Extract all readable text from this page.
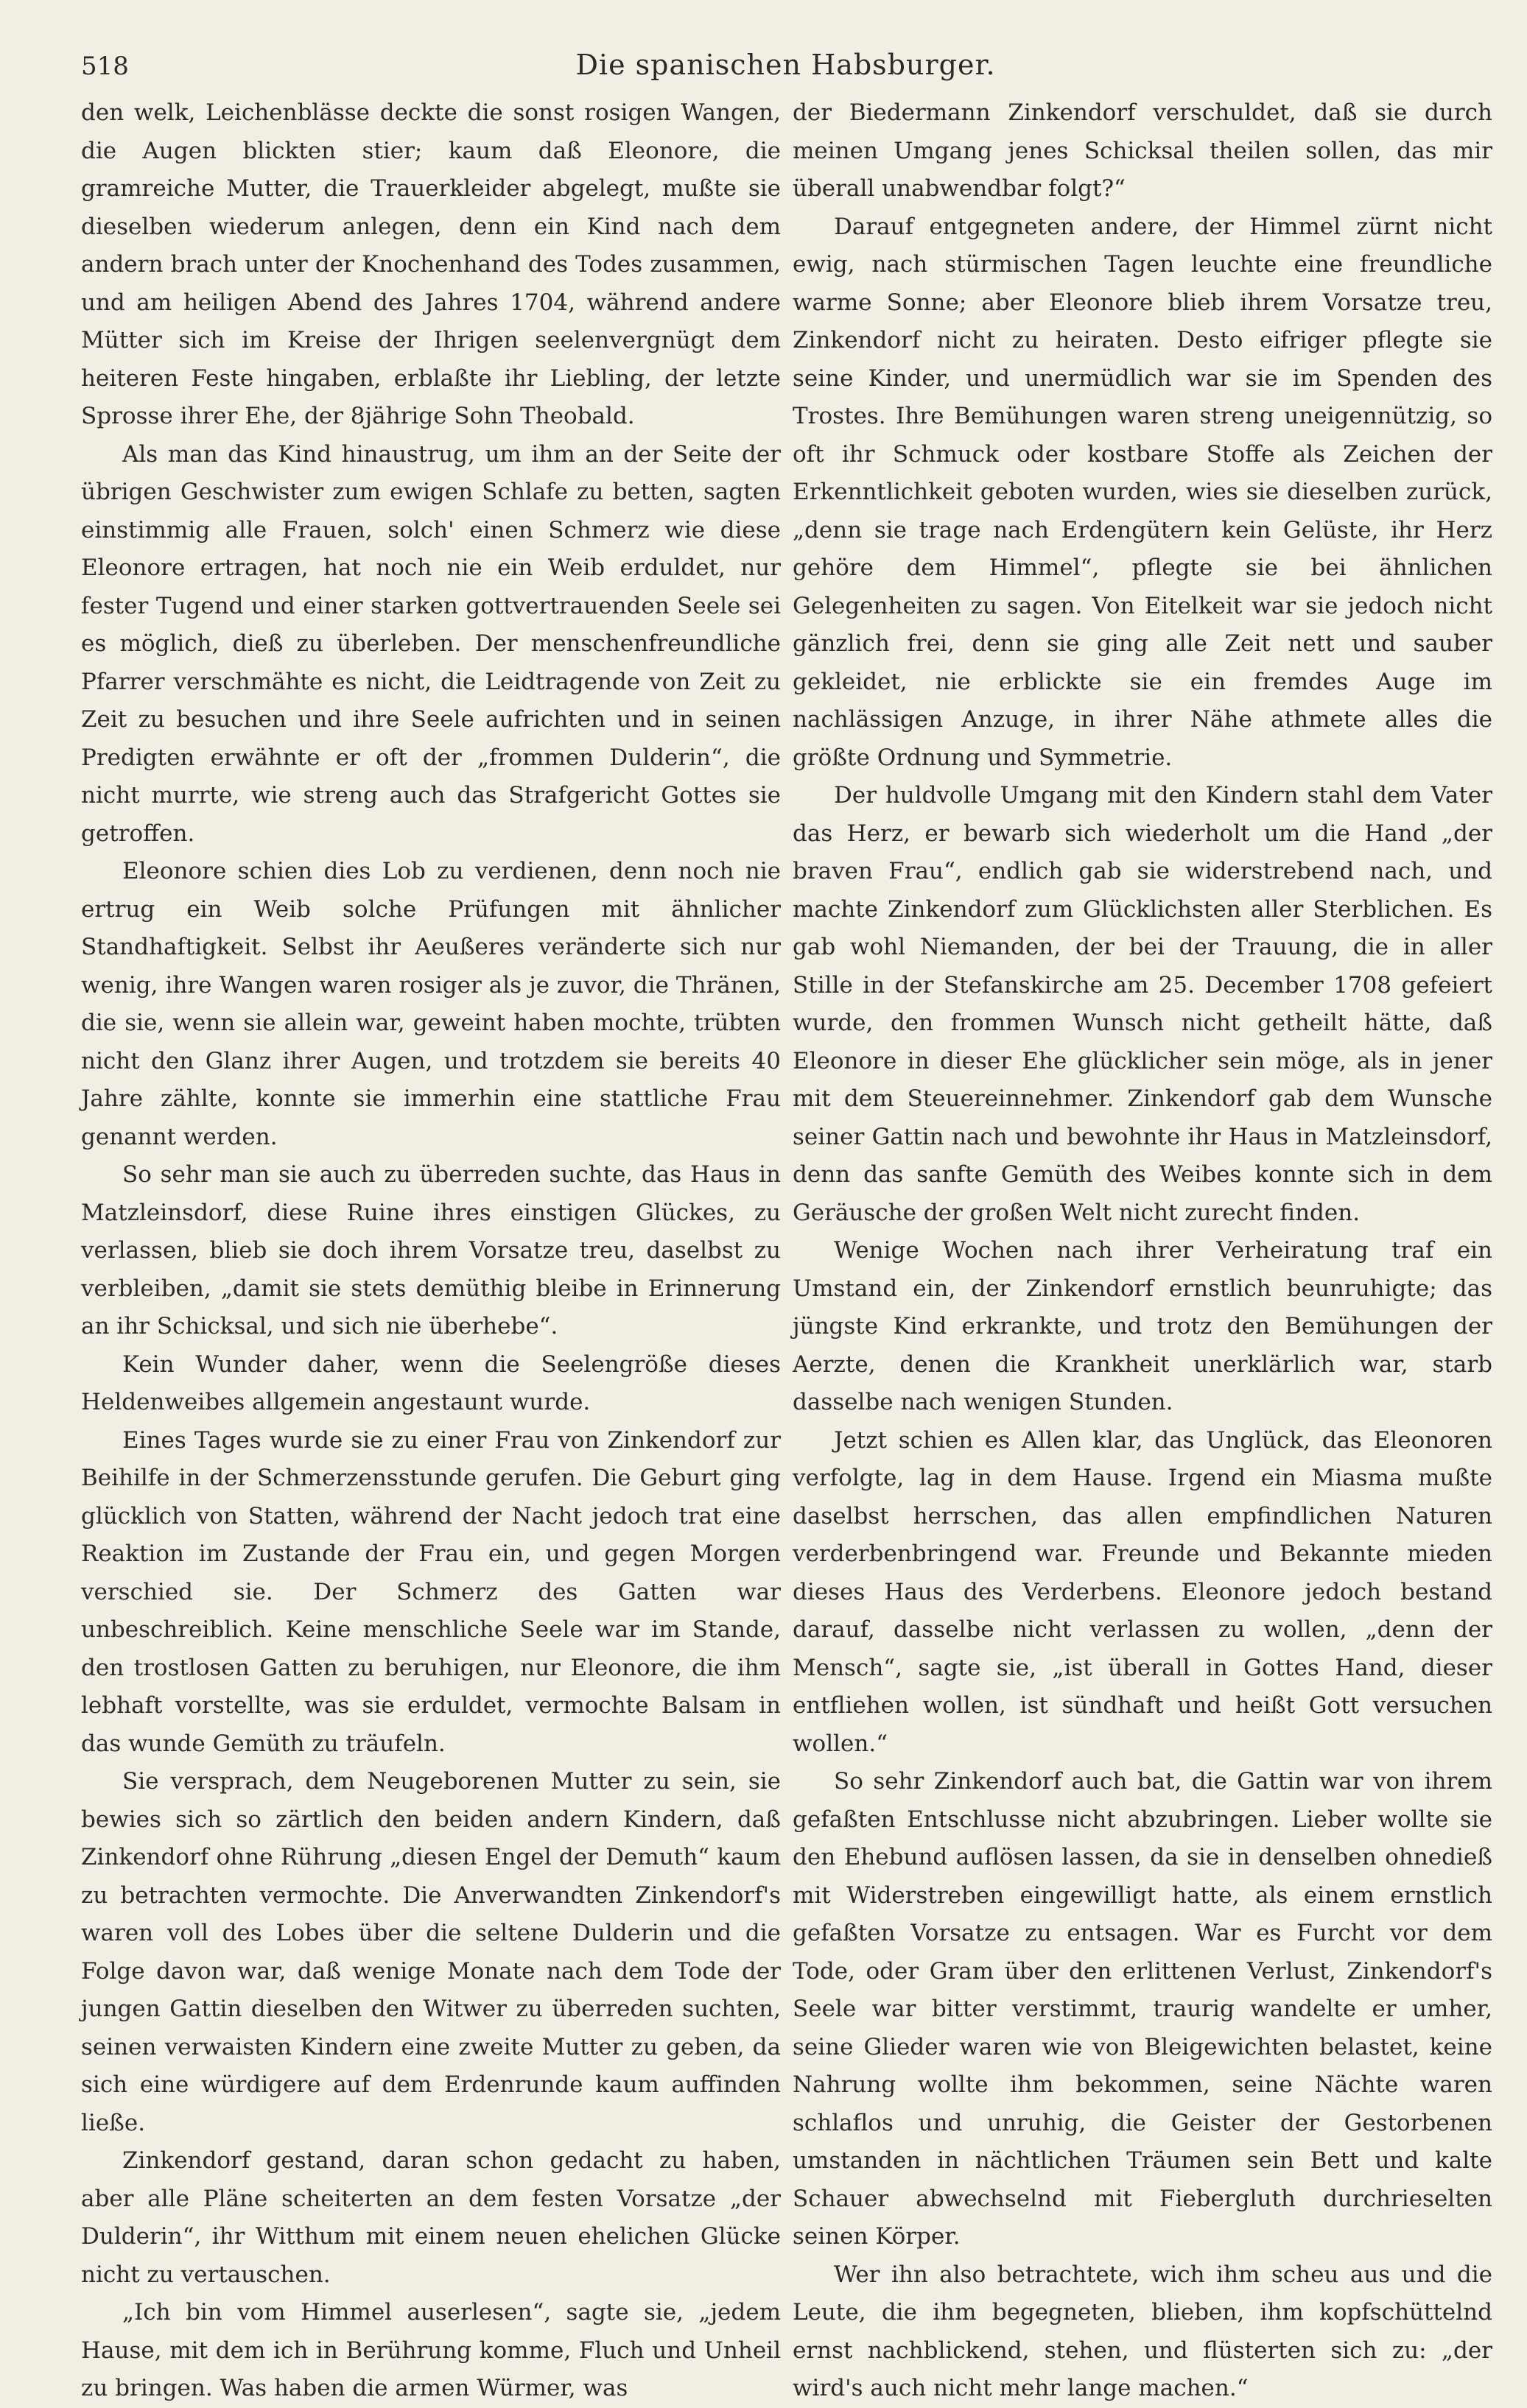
518	Die spanischen Habsburger.

den welk, Leichenblässe deckte die sonst rosigen Wangen, die Augen blickten stier; kaum daß Eleonore, die gramreiche Mutter, die Trauerkleider abgelegt, mußte sie dieselben wiederum anlegen, denn ein Kind nach dem andern brach unter der Knochenhand des Todes zusammen, und am heiligen Abend des Jahres 1704, während andere Mütter sich im Kreise der Ihrigen seelenvergnügt dem heiteren Feste hingaben, erblaßte ihr Liebling, der letzte Sprosse ihrer Ehe, der 8jährige Sohn Theobald.

Als man das Kind hinaustrug, um ihm an der Seite der übrigen Geschwister zum ewigen Schlafe zu betten, sagten einstimmig alle Frauen, solch' einen Schmerz wie diese Eleonore ertragen, hat noch nie ein Weib erduldet, nur fester Tugend und einer starken gottvertrauenden Seele sei es möglich, dieß zu überleben. Der menschenfreundliche Pfarrer verschmähte es nicht, die Leidtragende von Zeit zu Zeit zu besuchen und ihre Seele aufrichten und in seinen Predigten erwähnte er oft der „frommen Dulderin“, die nicht murrte, wie streng auch das Strafgericht Gottes sie getroffen.

Eleonore schien dies Lob zu verdienen, denn noch nie ertrug ein Weib solche Prüfungen mit ähnlicher Standhaftigkeit. Selbst ihr Aeußeres veränderte sich nur wenig, ihre Wangen waren rosiger als je zuvor, die Thränen, die sie, wenn sie allein war, geweint haben mochte, trübten nicht den Glanz ihrer Augen, und trotzdem sie bereits 40 Jahre zählte, konnte sie immerhin eine stattliche Frau genannt werden.

So sehr man sie auch zu überreden suchte, das Haus in Matzleinsdorf, diese Ruine ihres einstigen Glückes, zu verlassen, blieb sie doch ihrem Vorsatze treu, daselbst zu verbleiben, „damit sie stets demüthig bleibe in Erinnerung an ihr Schicksal, und sich nie überhebe“.

Kein Wunder daher, wenn die Seelengröße dieses Heldenweibes allgemein angestaunt wurde.

Eines Tages wurde sie zu einer Frau von Zinkendorf zur Beihilfe in der Schmerzensstunde gerufen. Die Geburt ging glücklich von Statten, während der Nacht jedoch trat eine Reaktion im Zustande der Frau ein, und gegen Morgen verschied sie. Der Schmerz des Gatten war unbeschreiblich. Keine menschliche Seele war im Stande, den trostlosen Gatten zu beruhigen, nur Eleonore, die ihm lebhaft vorstellte, was sie erduldet, vermochte Balsam in das wunde Gemüth zu träufeln.

Sie versprach, dem Neugeborenen Mutter zu sein, sie bewies sich so zärtlich den beiden andern Kindern, daß Zinkendorf ohne Rührung „diesen Engel der Demuth“ kaum zu betrachten vermochte. Die Anverwandten Zinkendorf's waren voll des Lobes über die seltene Dulderin und die Folge davon war, daß wenige Monate nach dem Tode der jungen Gattin dieselben den Witwer zu überreden suchten, seinen verwaisten Kindern eine zweite Mutter zu geben, da sich eine würdigere auf dem Erdenrunde kaum auffinden ließe.

Zinkendorf gestand, daran schon gedacht zu haben, aber alle Pläne scheiterten an dem festen Vorsatze „der Dulderin“, ihr Witthum mit einem neuen ehelichen Glücke nicht zu vertauschen.

„Ich bin vom Himmel auserlesen“, sagte sie, „jedem Hause, mit dem ich in Berührung komme, Fluch und Unheil zu bringen. Was haben die armen Würmer, was

der Biedermann Zinkendorf verschuldet, daß sie durch meinen Umgang jenes Schicksal theilen sollen, das mir überall unabwendbar folgt?“

Darauf entgegneten andere, der Himmel zürnt nicht ewig, nach stürmischen Tagen leuchte eine freundliche warme Sonne; aber Eleonore blieb ihrem Vorsatze treu, Zinkendorf nicht zu heiraten. Desto eifriger pflegte sie seine Kinder, und unermüdlich war sie im Spenden des Trostes. Ihre Bemühungen waren streng uneigennützig, so oft ihr Schmuck oder kostbare Stoffe als Zeichen der Erkenntlichkeit geboten wurden, wies sie dieselben zurück, „denn sie trage nach Erdengütern kein Gelüste, ihr Herz gehöre dem Himmel“, pflegte sie bei ähnlichen Gelegenheiten zu sagen. Von Eitelkeit war sie jedoch nicht gänzlich frei, denn sie ging alle Zeit nett und sauber gekleidet, nie erblickte sie ein fremdes Auge im nachlässigen Anzuge, in ihrer Nähe athmete alles die größte Ordnung und Symmetrie.

Der huldvolle Umgang mit den Kindern stahl dem Vater das Herz, er bewarb sich wiederholt um die Hand „der braven Frau“, endlich gab sie widerstrebend nach, und machte Zinkendorf zum Glücklichsten aller Sterblichen. Es gab wohl Niemanden, der bei der Trauung, die in aller Stille in der Stefanskirche am 25. December 1708 gefeiert wurde, den frommen Wunsch nicht getheilt hätte, daß Eleonore in dieser Ehe glücklicher sein möge, als in jener mit dem Steuereinnehmer. Zinkendorf gab dem Wunsche seiner Gattin nach und bewohnte ihr Haus in Matzleinsdorf, denn das sanfte Gemüth des Weibes konnte sich in dem Geräusche der großen Welt nicht zurecht finden.

Wenige Wochen nach ihrer Verheiratung traf ein Umstand ein, der Zinkendorf ernstlich beunruhigte; das jüngste Kind erkrankte, und trotz den Bemühungen der Aerzte, denen die Krankheit unerklärlich war, starb dasselbe nach wenigen Stunden.

Jetzt schien es Allen klar, das Unglück, das Eleonoren verfolgte, lag in dem Hause. Irgend ein Miasma mußte daselbst herrschen, das allen empfindlichen Naturen verderbenbringend war. Freunde und Bekannte mieden dieses Haus des Verderbens. Eleonore jedoch bestand darauf, dasselbe nicht verlassen zu wollen, „denn der Mensch“, sagte sie, „ist überall in Gottes Hand, dieser entfliehen wollen, ist sündhaft und heißt Gott versuchen wollen.“

So sehr Zinkendorf auch bat, die Gattin war von ihrem gefaßten Entschlusse nicht abzubringen. Lieber wollte sie den Ehebund auflösen lassen, da sie in denselben ohnedieß mit Widerstreben eingewilligt hatte, als einem ernstlich gefaßten Vorsatze zu entsagen. War es Furcht vor dem Tode, oder Gram über den erlittenen Verlust, Zinkendorf's Seele war bitter verstimmt, traurig wandelte er umher, seine Glieder waren wie von Bleigewichten belastet, keine Nahrung wollte ihm bekommen, seine Nächte waren schlaflos und unruhig, die Geister der Gestorbenen umstanden in nächtlichen Träumen sein Bett und kalte Schauer abwechselnd mit Fiebergluth durchrieselten seinen Körper.

Wer ihn also betrachtete, wich ihm scheu aus und die Leute, die ihm begegneten, blieben, ihm kopfschüttelnd ernst nachblickend, stehen, und flüsterten sich zu: „der wird's auch nicht mehr lange machen.“
